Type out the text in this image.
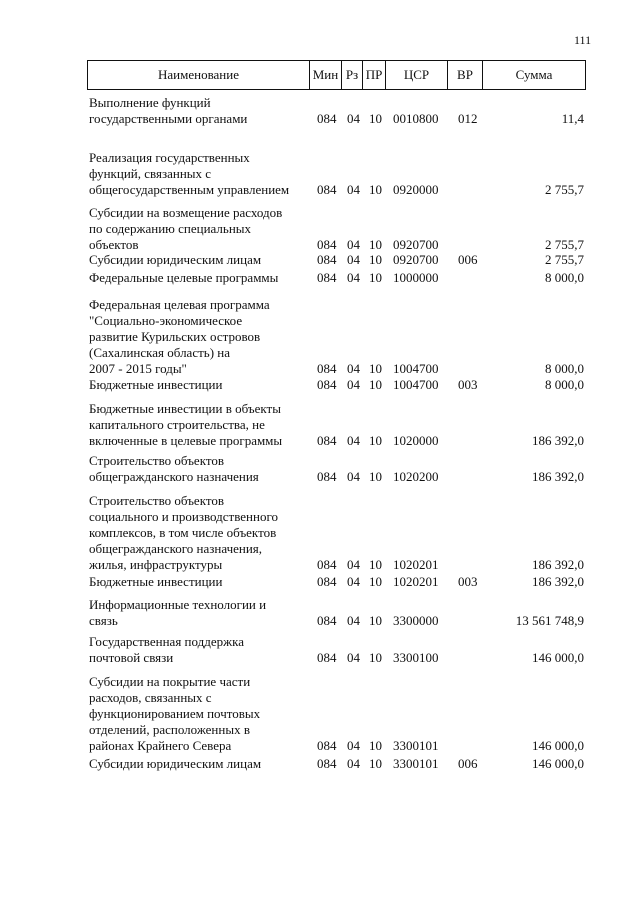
111
Наименование	Мин Рз ПР	ЦСР	ВР	Сумма
Выполнение функций
государственными органами	084 04 10 0010800 012	11,4
Реализация государственных
функций, связанных с
общегосударственным управлением	084 04 10 0920000	2 755,7
Субсидии на возмещение расходов
по содержанию специальных
объектов	084 04 10 0920700	2 755,7
Субсидии юридическим лицам	084 04 10 0920700 006	2 755,7
Федеральные целевые программы	084 04 10 1000000	8 000,0
Федеральная целевая программа
"Социально-экономическое
развитие Курильских островов
(Сахалинская область) на
2007 - 2015 годы"	084 04 10 1004700	8 000,0
Бюджетные инвестиции	084 04 10 1004700 003	8 000,0
Бюджетные инвестиции в объекты
капитального строительства, не
включенные в целевые программы	084 04 10 1020000	186 392,0
Строительство объектов
общегражданского назначения	084 04 10 1020200	186 392,0
Строительство объектов
социального и производственного
комплексов, в том числе объектов
общегражданского назначения,
жилья, инфраструктуры	084 04 10 1020201	186 392,0
Бюджетные инвестиции	084 04 10 1020201 003	186 392,0
Информационные технологии и
связь	084 04 10 3300000	13 561 748,9
Государственная поддержка
почтовой связи	084 04 10 3300100	146 000,0
Субсидии на покрытие части
расходов, связанных с
функционированием почтовых
отделений, расположенных в
районах Крайнего Севера	084 04 10 3300101	146 000,0
Субсидии юридическим лицам	084 04 10 3300101 006	146 000,0
